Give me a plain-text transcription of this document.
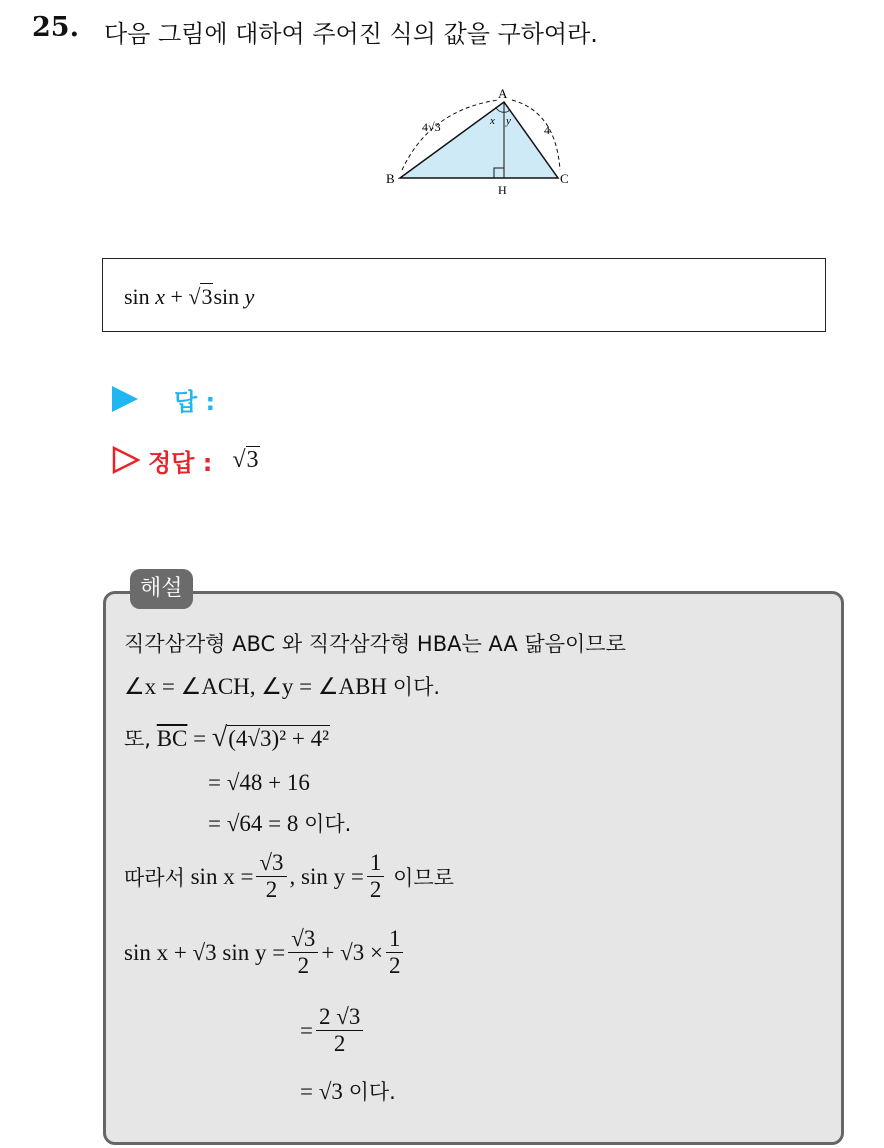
25. 다음 그림에 대하여 주어진 식의 값을 구하여라.
A
B	C
H
x y
4√3	4
sin x + √3sin y
답 :
정답 : √3
해설
직각삼각형 ABC 와 직각삼각형 HBA는 AA 닮음이므로
∠x = ∠ACH, ∠y = ∠ABH 이다.
또, $\overline{BC} = √(4√3)^2 + 4^2$
= √48 + 16
= √64 = 8 이다.
따라서
$\sin x = \frac{√3}{2}$ , $\sin y = \frac{1}{2}$
이므로
sin x + √3 $\sin y = \frac{√3}{2} + √3 \times \frac{1}{2}$
= $\frac{2 √3}{2}$
= √3 이다.
